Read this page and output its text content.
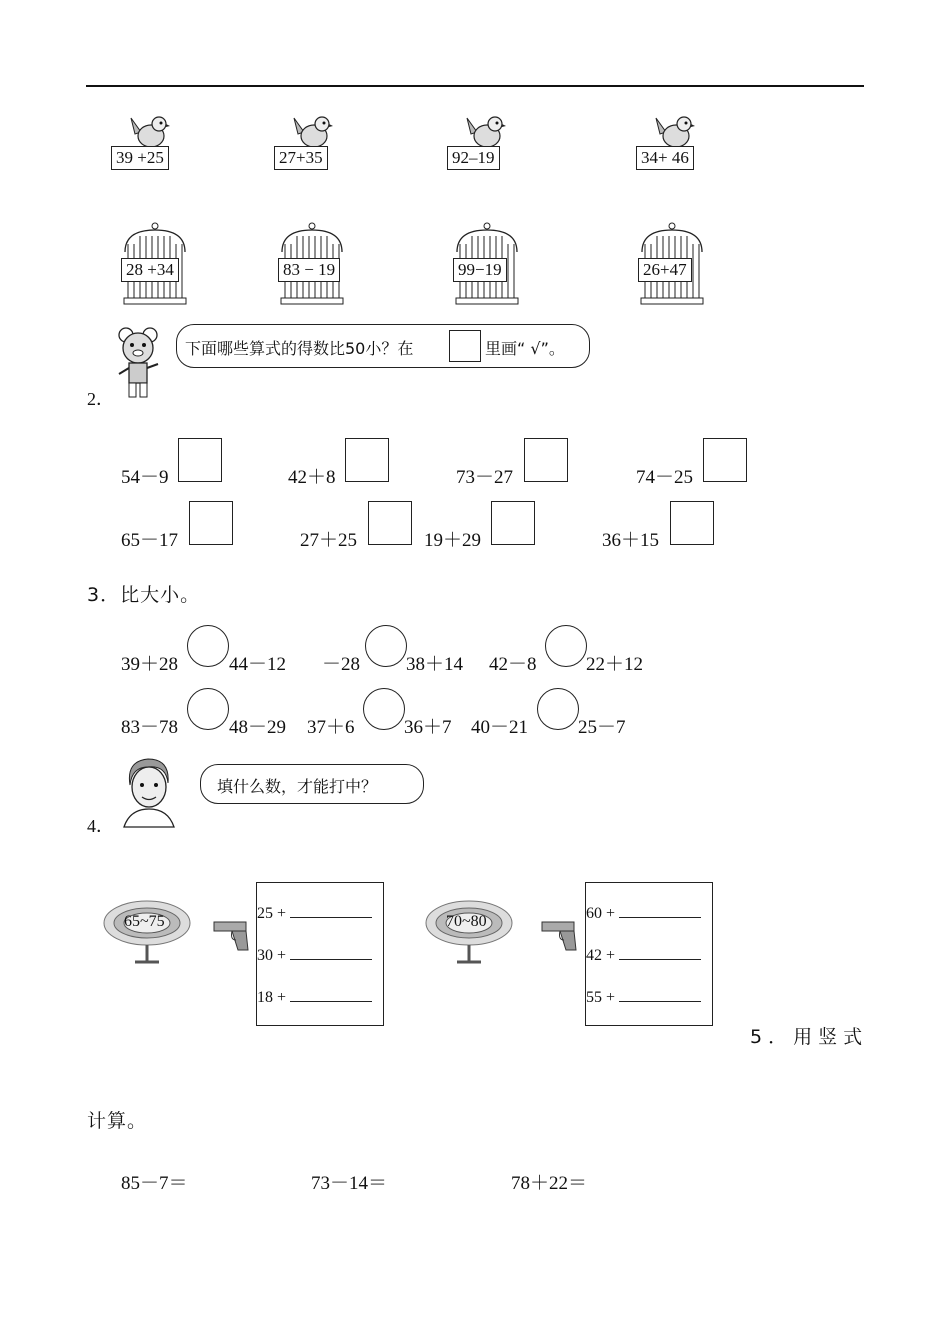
39 +25	27+35	92–19	34+ 46
28 +34	83 − 19	99−19	26+47
下面哪些算式的得数比50小？在	里画“ √”。
2．
54－9	42＋8	73－27	74－25
65－17	27＋25	19＋29	36＋15
3．比大小。
39＋28	44－12 －28 38＋14 42－8	22＋12
83－78	48－29 37＋6	36＋7 40－21	25－7
填什么数，才能打中？
4．
65~75	25 +
30 +
18 +
70~80	60 +
42 +
55 +
5．用竖式
计算。
85－7＝	73－14＝	78＋22＝
